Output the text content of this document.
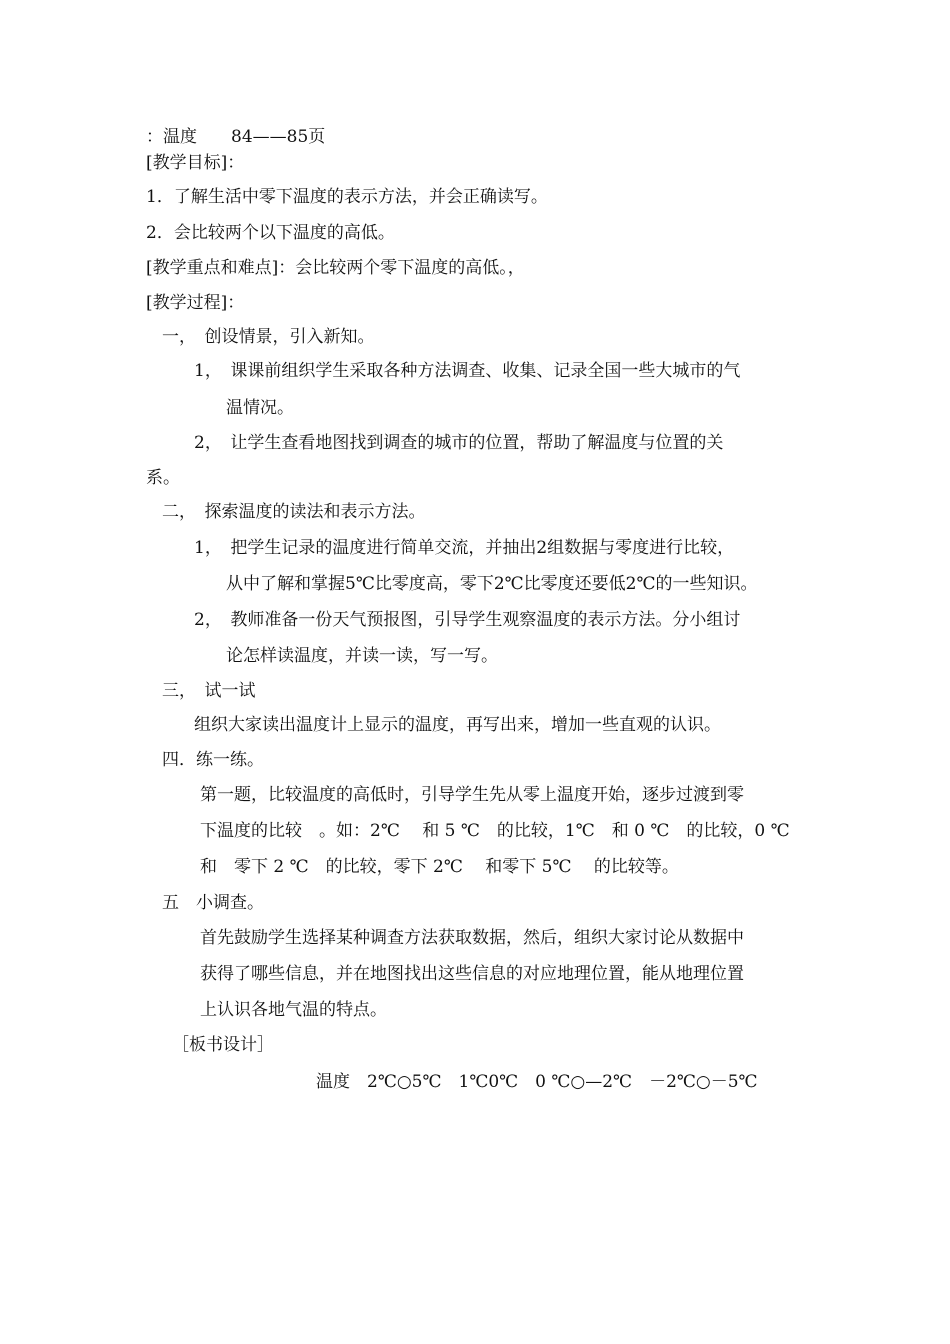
：温度　　84——85页
[教学目标]：
1．了解生活中零下温度的表示方法，并会正确读写。
2．会比较两个以下温度的高低。
[教学重点和难点]：会比较两个零下温度的高低。，
[教学过程]：
一，　创设情景，引入新知。
1，　课课前组织学生采取各种方法调查、收集、记录全国一些大城市的气
温情况。
2，　让学生查看地图找到调查的城市的位置，帮助了解温度与位置的关
系。
二，　探索温度的读法和表示方法。
1，　把学生记录的温度进行简单交流，并抽出2组数据与零度进行比较，
从中了解和掌握5℃比零度高，零下2℃比零度还要低2℃的一些知识。
2，　教师准备一份天气预报图，引导学生观察温度的表示方法。分小组讨
论怎样读温度，并读一读，写一写。
三，　试一试
组织大家读出温度计上显示的温度，再写出来，增加一些直观的认识。
四．练一练。
第一题，比较温度的高低时，引导学生先从零上温度开始，逐步过渡到零
下温度的比较　。如：2℃　 和 5 ℃　的比较，1℃　和 0 ℃　的比较，0 ℃
和　零下 2 ℃　的比较，零下 2℃　 和零下 5℃　 的比较等。
五　小调查。
首先鼓励学生选择某种调查方法获取数据，然后，组织大家讨论从数据中
获得了哪些信息，并在地图找出这些信息的对应地理位置，能从地理位置
上认识各地气温的特点。
［板书设计］
温度　2℃○5℃　1℃0℃　0 ℃○—2℃　－2℃○－5℃
